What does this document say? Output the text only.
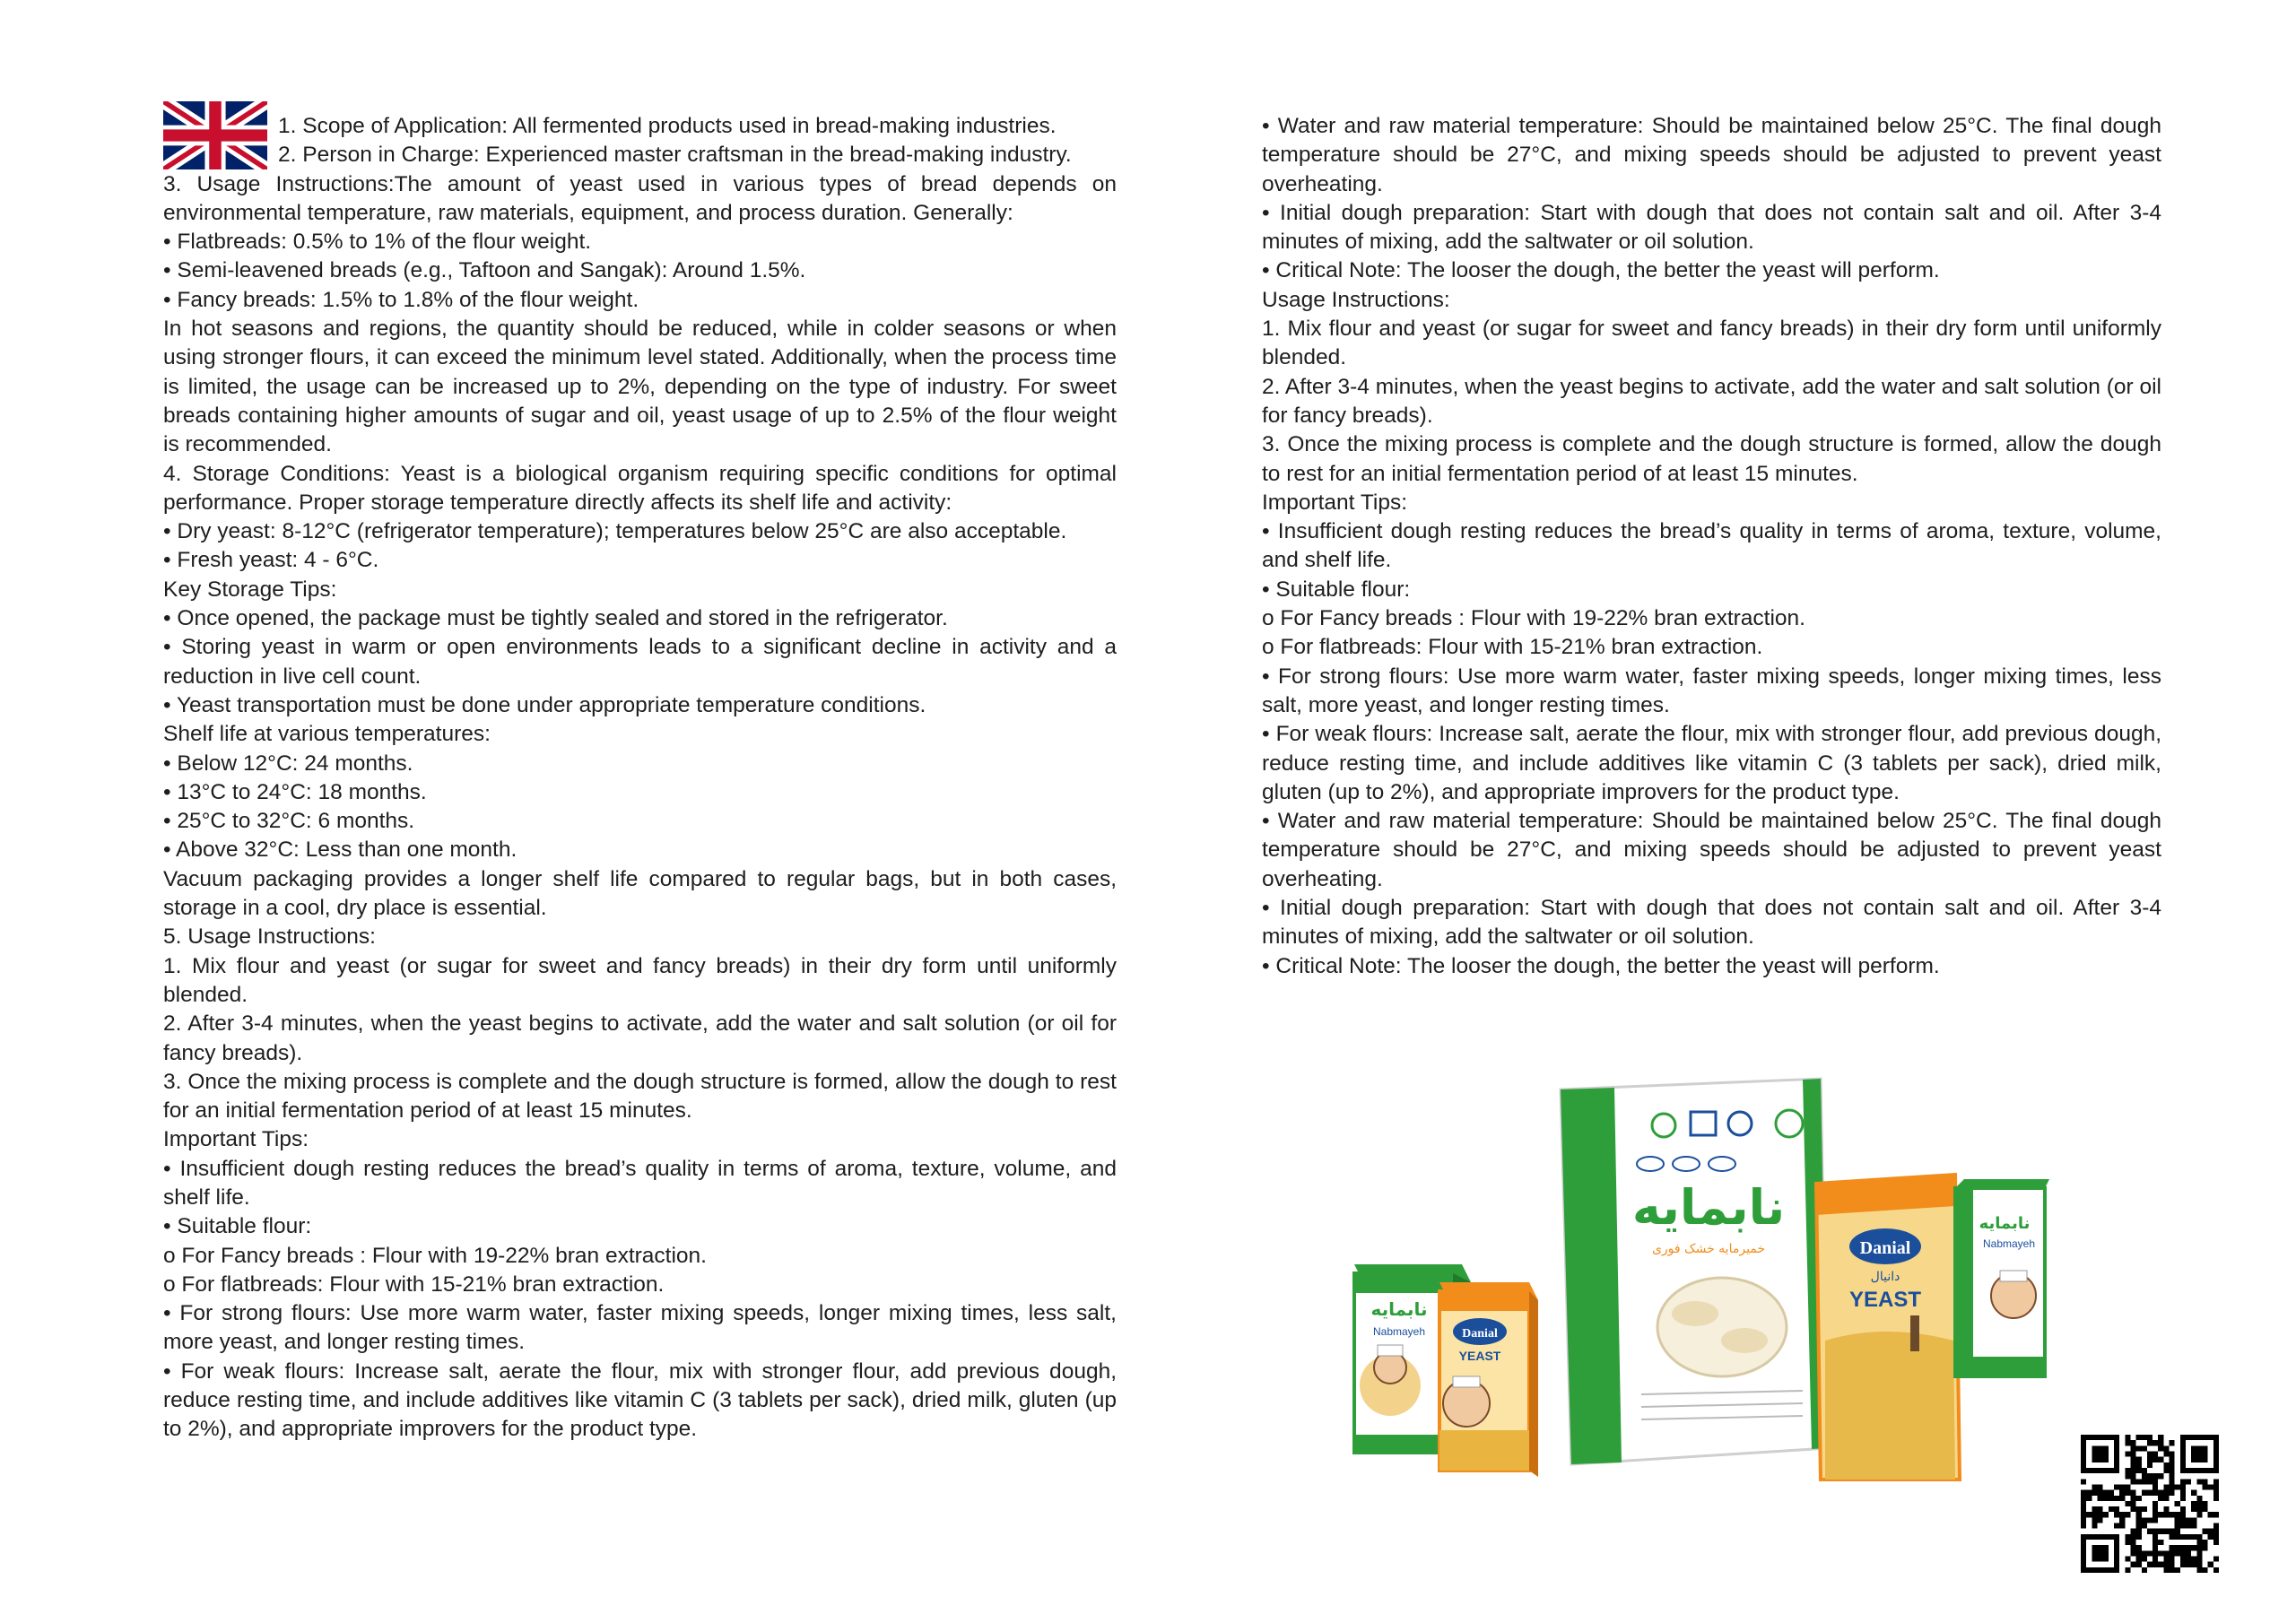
1. Scope of Application: All fermented products used in bread-making industries.

2. Person in Charge: Experienced master craftsman in the bread-making industry.

3. Usage Instructions:The amount of yeast used in various types of bread depends on environmental temperature, raw materials, equipment, and process duration. Generally:

• Flatbreads: 0.5% to 1% of the flour weight.

• Semi-leavened breads (e.g., Taftoon and Sangak): Around 1.5%.

• Fancy breads: 1.5% to 1.8% of the flour weight.

In hot seasons and regions, the quantity should be reduced, while in colder seasons or when using stronger flours, it can exceed the minimum level stated. Additionally, when the process time is limited, the usage can be increased up to 2%, depending on the type of industry. For sweet breads containing higher amounts of sugar and oil, yeast usage of up to 2.5% of the flour weight is recommended.

4. Storage Conditions: Yeast is a biological organism requiring specific conditions for optimal performance. Proper storage temperature directly affects its shelf life and activity:

• Dry yeast: 8-12°C (refrigerator temperature); temperatures below 25°C are also acceptable.

• Fresh yeast: 4 - 6°C.

Key Storage Tips:

• Once opened, the package must be tightly sealed and stored in the refrigerator.

• Storing yeast in warm or open environments leads to a significant decline in activity and a reduction in live cell count.

• Yeast transportation must be done under appropriate temperature conditions.

Shelf life at various temperatures:

• Below 12°C: 24 months.

• 13°C to 24°C: 18 months.

• 25°C to 32°C: 6 months.

• Above 32°C: Less than one month.

Vacuum packaging provides a longer shelf life compared to regular bags, but in both cases, storage in a cool, dry place is essential.

5. Usage Instructions:

1. Mix flour and yeast (or sugar for sweet and fancy breads) in their dry form until uniformly blended.

2. After 3-4 minutes, when the yeast begins to activate, add the water and salt solution (or oil for fancy breads).

3. Once the mixing process is complete and the dough structure is formed, allow the dough to rest for an initial fermentation period of at least 15 minutes.

Important Tips:

• Insufficient dough resting reduces the bread’s quality in terms of aroma, texture, volume, and shelf life.

• Suitable flour:

o For Fancy breads : Flour with 19-22% bran extraction.

o For flatbreads: Flour with 15-21% bran extraction.

• For strong flours: Use more warm water, faster mixing speeds, longer mixing times, less salt, more yeast, and longer resting times.

• For weak flours: Increase salt, aerate the flour, mix with stronger flour, add previous dough, reduce resting time, and include additives like vitamin C (3 tablets per sack), dried milk, gluten (up to 2%), and appropriate improvers for the product type.

• Water and raw material temperature: Should be maintained below 25°C. The final dough temperature should be 27°C, and mixing speeds should be adjusted to prevent yeast overheating.

• Initial dough preparation: Start with dough that does not contain salt and oil. After 3-4 minutes of mixing, add the saltwater or oil solution.

• Critical Note: The looser the dough, the better the yeast will perform.

Usage Instructions:

1. Mix flour and yeast (or sugar for sweet and fancy breads) in their dry form until uniformly blended.

2. After 3-4 minutes, when the yeast begins to activate, add the water and salt solution (or oil for fancy breads).

3. Once the mixing process is complete and the dough structure is formed, allow the dough to rest for an initial fermentation period of at least 15 minutes.

Important Tips:

• Insufficient dough resting reduces the bread’s quality in terms of aroma, texture, volume, and shelf life.

• Suitable flour:

o For Fancy breads : Flour with 19-22% bran extraction.

o For flatbreads: Flour with 15-21% bran extraction.

• For strong flours: Use more warm water, faster mixing speeds, longer mixing times, less salt, more yeast, and longer resting times.

• For weak flours: Increase salt, aerate the flour, mix with stronger flour, add previous dough, reduce resting time, and include additives like vitamin C (3 tablets per sack), dried milk, gluten (up to 2%), and appropriate improvers for the product type.

• Water and raw material temperature: Should be maintained below 25°C. The final dough temperature should be 27°C, and mixing speeds should be adjusted to prevent yeast overheating.

• Initial dough preparation: Start with dough that does not contain salt and oil. After 3-4 minutes of mixing, add the saltwater or oil solution.

• Critical Note: The looser the dough, the better the yeast will perform.

نابمایه
Nabmayeh	Danial
YEAST
نابمایه
خمیرمایه خشک فوری	Danial
دانیال
YEAST
نابمایه
Nabmayeh
